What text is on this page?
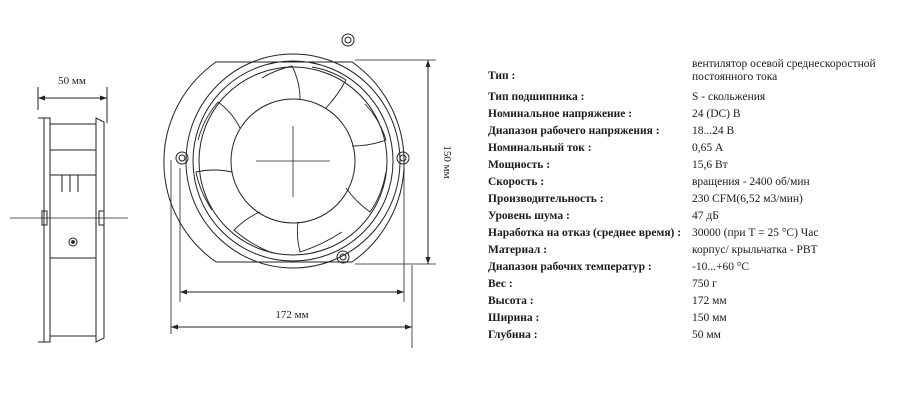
50 мм
172 мм
150 мм
Тип :
вентилятор осевой среднескоростной постоянного тока
Тип подшипника :	S - скольжения
Номинальное напряжение :	24 (DC) В
Диапазон рабочего напряжения :	18...24 В
Номинальный ток :	0,65 А
Мощность :	15,6 Вт
Скорость :	вращения - 2400 об/мин
Производительность :	230 CFM(6,52 м3/мин)
Уровень шума :	47 дБ
Наработка на отказ (среднее время) : 30000 (при T = 25 °C) Час
Материал :	корпус/ крыльчатка - PBT
Диапазон рабочих температур :	-10...+60 °C
Вес :	750 г
Высота :	172 мм
Ширина :	150 мм
Глубина :	50 мм
